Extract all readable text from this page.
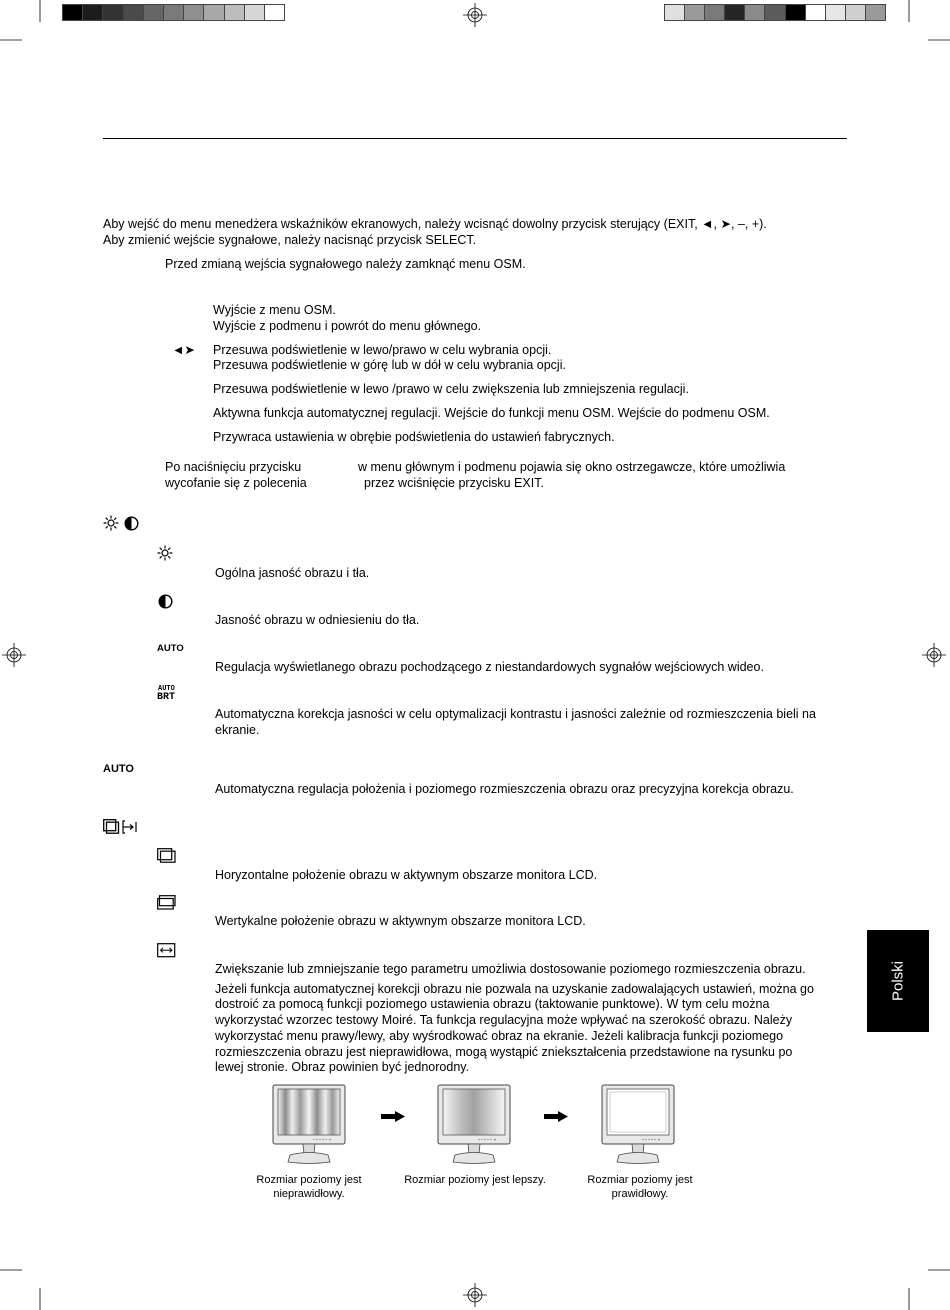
Aby wejść do menu menedżera wskaźników ekranowych, należy wcisnąć dowolny przycisk sterujący (EXIT, ◄, ➤, –, +).
Aby zmienić wejście sygnałowe, należy nacisnąć przycisk SELECT.
Przed zmianą wejścia sygnałowego należy zamknąć menu OSM.
Wyjście z menu OSM.
Wyjście z podmenu i powrót do menu głównego.
◄➤ Przesuwa podświetlenie w lewo/prawo w celu wybrania opcji.
Przesuwa podświetlenie w górę lub w dół w celu wybrania opcji.
Przesuwa podświetlenie w lewo /prawo w celu zwiększenia lub zmniejszenia regulacji.
Aktywna funkcja automatycznej regulacji. Wejście do funkcji menu OSM. Wejście do podmenu OSM.
Przywraca ustawienia w obrębie podświetlenia do ustawień fabrycznych.
Po naciśnięciu przycisku	w menu głównym i podmenu pojawia się okno ostrzegawcze, które umożliwia
wycofanie się z polecenia	przez wciśnięcie przycisku EXIT.
Ogólna jasność obrazu i tła.
Jasność obrazu w odniesieniu do tła.
AUTO
Regulacja wyświetlanego obrazu pochodzącego z niestandardowych sygnałów wejściowych wideo.
AUTO
BRT
Automatyczna korekcja jasności w celu optymalizacji kontrastu i jasności zależnie od rozmieszczenia bieli na
ekranie.
AUTO
Automatyczna regulacja położenia i poziomego rozmieszczenia obrazu oraz precyzyjna korekcja obrazu.
Horyzontalne położenie obrazu w aktywnym obszarze monitora LCD.
Wertykalne położenie obrazu w aktywnym obszarze monitora LCD.
Zwiększanie lub zmniejszanie tego parametru umożliwia dostosowanie poziomego rozmieszczenia obrazu.
Jeżeli funkcja automatycznej korekcji obrazu nie pozwala na uzyskanie zadowalających ustawień, można go
dostroić za pomocą funkcji poziomego ustawienia obrazu (taktowanie punktowe). W tym celu można
wykorzystać wzorzec testowy Moiré. Ta funkcja regulacyjna może wpływać na szerokość obrazu. Należy
wykorzystać menu prawy/lewy, aby wyśrodkować obraz na ekranie. Jeżeli kalibracja funkcji poziomego
rozmieszczenia obrazu jest nieprawidłowa, mogą wystąpić zniekształcenia przedstawione na rysunku po
lewej stronie. Obraz powinien być jednorodny.
Rozmiar poziomy jest
nieprawidłowy.
Rozmiar poziomy jest lepszy.	Rozmiar poziomy jest
prawidłowy.
Polski
